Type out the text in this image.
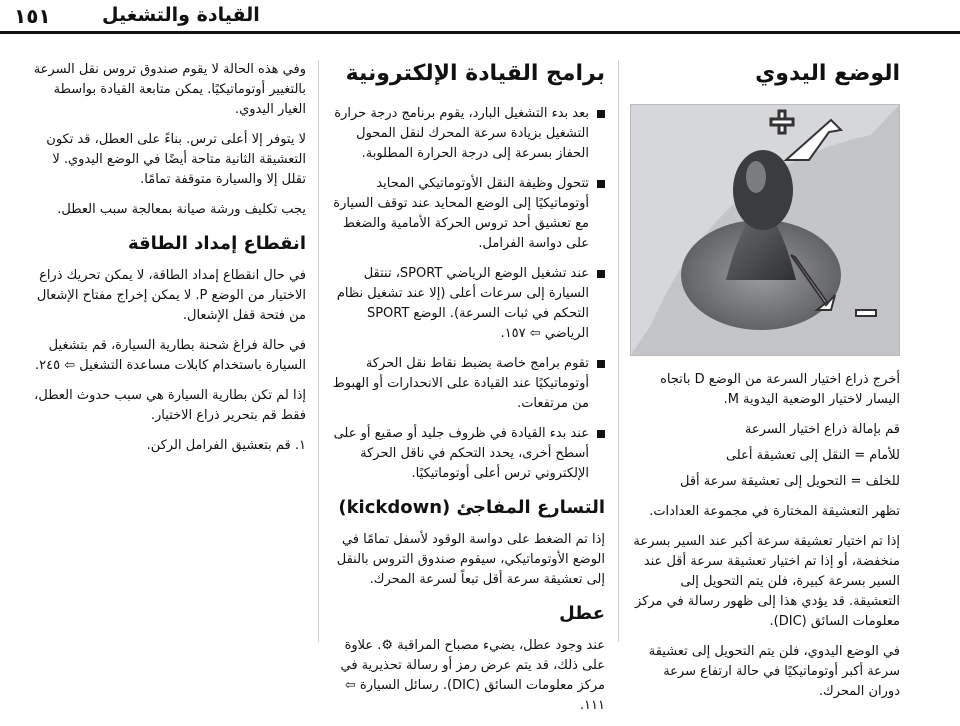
١٥١	القيادة والتشغيل
الوضع اليدوي

أخرج ذراع اختيار السرعة من الوضع D باتجاه اليسار لاختيار الوضعية اليدوية M.

قم بإمالة ذراع اختيار السرعة

للأمام = النقل إلى تعشيقة أعلى

للخلف = التحويل إلى تعشيقة سرعة أقل

تظهر التعشيقة المختارة في مجموعة العدادات.

إذا تم اختيار تعشيقة سرعة أكبر عند السير بسرعة منخفضة، أو إذا تم اختيار تعشيقة سرعة أقل عند السير بسرعة كبيرة، فلن يتم التحويل إلى التعشيقة. قد يؤدي هذا إلى ظهور رسالة في مركز معلومات السائق (DIC).

في الوضع اليدوي، فلن يتم التحويل إلى تعشيقة سرعة أكبر أوتوماتيكيًا في حالة ارتفاع سرعة دوران المحرك.

برامج القيادة الإلكترونية
بعد بدء التشغيل البارد، يقوم برنامج درجة حرارة التشغيل بزيادة سرعة المحرك لنقل المحول الحفاز بسرعة إلى درجة الحرارة المطلوبة.
تتحول وظيفة النقل الأوتوماتيكي المحايد أوتوماتيكيًا إلى الوضع المحايد عند توقف السيارة مع تعشيق أحد تروس الحركة الأمامية والضغط على دواسة الفرامل.
عند تشغيل الوضع الرياضي SPORT، تنتقل السيارة إلى سرعات أعلى (إلا عند تشغيل نظام التحكم في ثبات السرعة). الوضع SPORT الرياضي ⇦ ١٥٧.
تقوم برامج خاصة بضبط نقاط نقل الحركة أوتوماتيكيًا عند القيادة على الانحدارات أو الهبوط من مرتفعات.
عند بدء القيادة في ظروف جليد أو صقيع أو على أسطح أخرى، يحدد التحكم في ناقل الحركة الإلكتروني ترس أعلى أوتوماتيكيًا.
التسارع المفاجئ (kickdown)

إذا تم الضغط على دواسة الوقود لأسفل تمامًا في الوضع الأوتوماتيكي، سيقوم صندوق التروس بالنقل إلى تعشيقة سرعة أقل تبعاً لسرعة المحرك.

عطل

عند وجود عطل، يضيء مصباح المراقبة ⚙. علاوة على ذلك، قد يتم عرض رمز أو رسالة تحذيرية في مركز معلومات السائق (DIC). رسائل السيارة ⇦ ١١١.

وفي هذه الحالة لا يقوم صندوق تروس نقل السرعة بالتغيير أوتوماتيكيًا. يمكن متابعة القيادة بواسطة الغيار اليدوي.

لا يتوفر إلا أعلى ترس. بناءً على العطل، قد تكون التعشيقة الثانية متاحة أيضًا في الوضع اليدوي. لا تقلل إلا والسيارة متوقفة تمامًا.

يجب تكليف ورشة صيانة بمعالجة سبب العطل.

انقطاع إمداد الطاقة

في حال انقطاع إمداد الطاقة، لا يمكن تحريك ذراع الاختيار من الوضع P. لا يمكن إخراج مفتاح الإشعال من فتحة قفل الإشعال.

في حالة فراغ شحنة بطارية السيارة، قم بتشغيل السيارة باستخدام كابلات مساعدة التشغيل ⇦ ٢٤٥.

إذا لم تكن بطارية السيارة هي سبب حدوث العطل، فقط قم بتحرير ذراع الاختيار.

١. قم بتعشيق الفرامل الركن.
